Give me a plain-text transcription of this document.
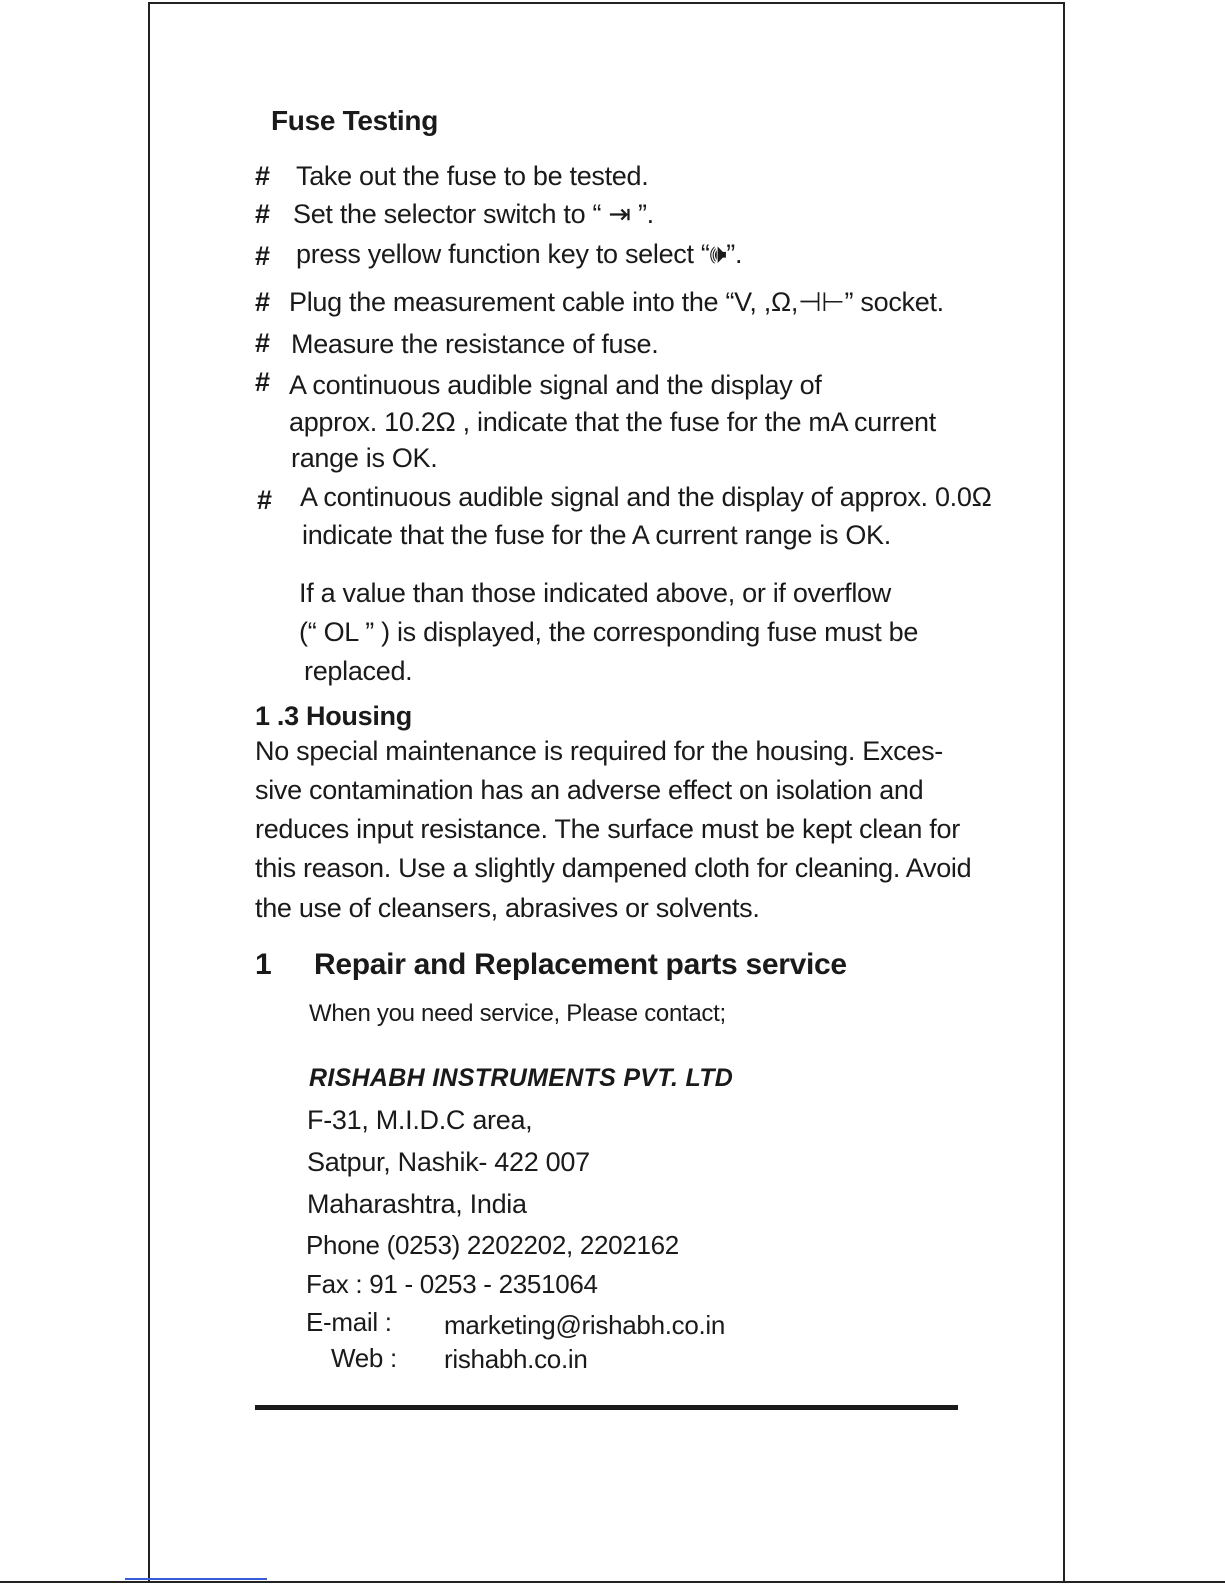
Fuse Testing
# Take out the fuse to be tested.
# Set the selector switch to “ ⇥ ”.
# press yellow function key to select “🕪”.
# Plug the measurement cable into the “V, ,Ω,⊣⊢” socket.
# Measure the resistance of fuse.
# A continuous audible signal and the display of
approx. 10.2Ω , indicate that the fuse for the mA current
range is OK.
# A continuous audible signal and the display of approx. 0.0Ω
indicate that the fuse for the A current range is OK.
If a value than those indicated above, or if overflow
(“ OL ” ) is displayed, the corresponding fuse must be
replaced.
1 .3 Housing
No special maintenance is required for the housing. Exces-
sive contamination has an adverse effect on isolation and
reduces input resistance. The surface must be kept clean for
this reason. Use a slightly dampened cloth for cleaning. Avoid
the use of cleansers, abrasives or solvents.
1 Repair and Replacement parts service
When you need service, Please contact;
RISHABH INSTRUMENTS PVT. LTD
F-31, M.I.D.C area,
Satpur, Nashik- 422 007
Maharashtra, India
Phone (0253) 2202202, 2202162
Fax : 91 - 0253 - 2351064
E-mail : marketing@rishabh.co.in
Web : rishabh.co.in
